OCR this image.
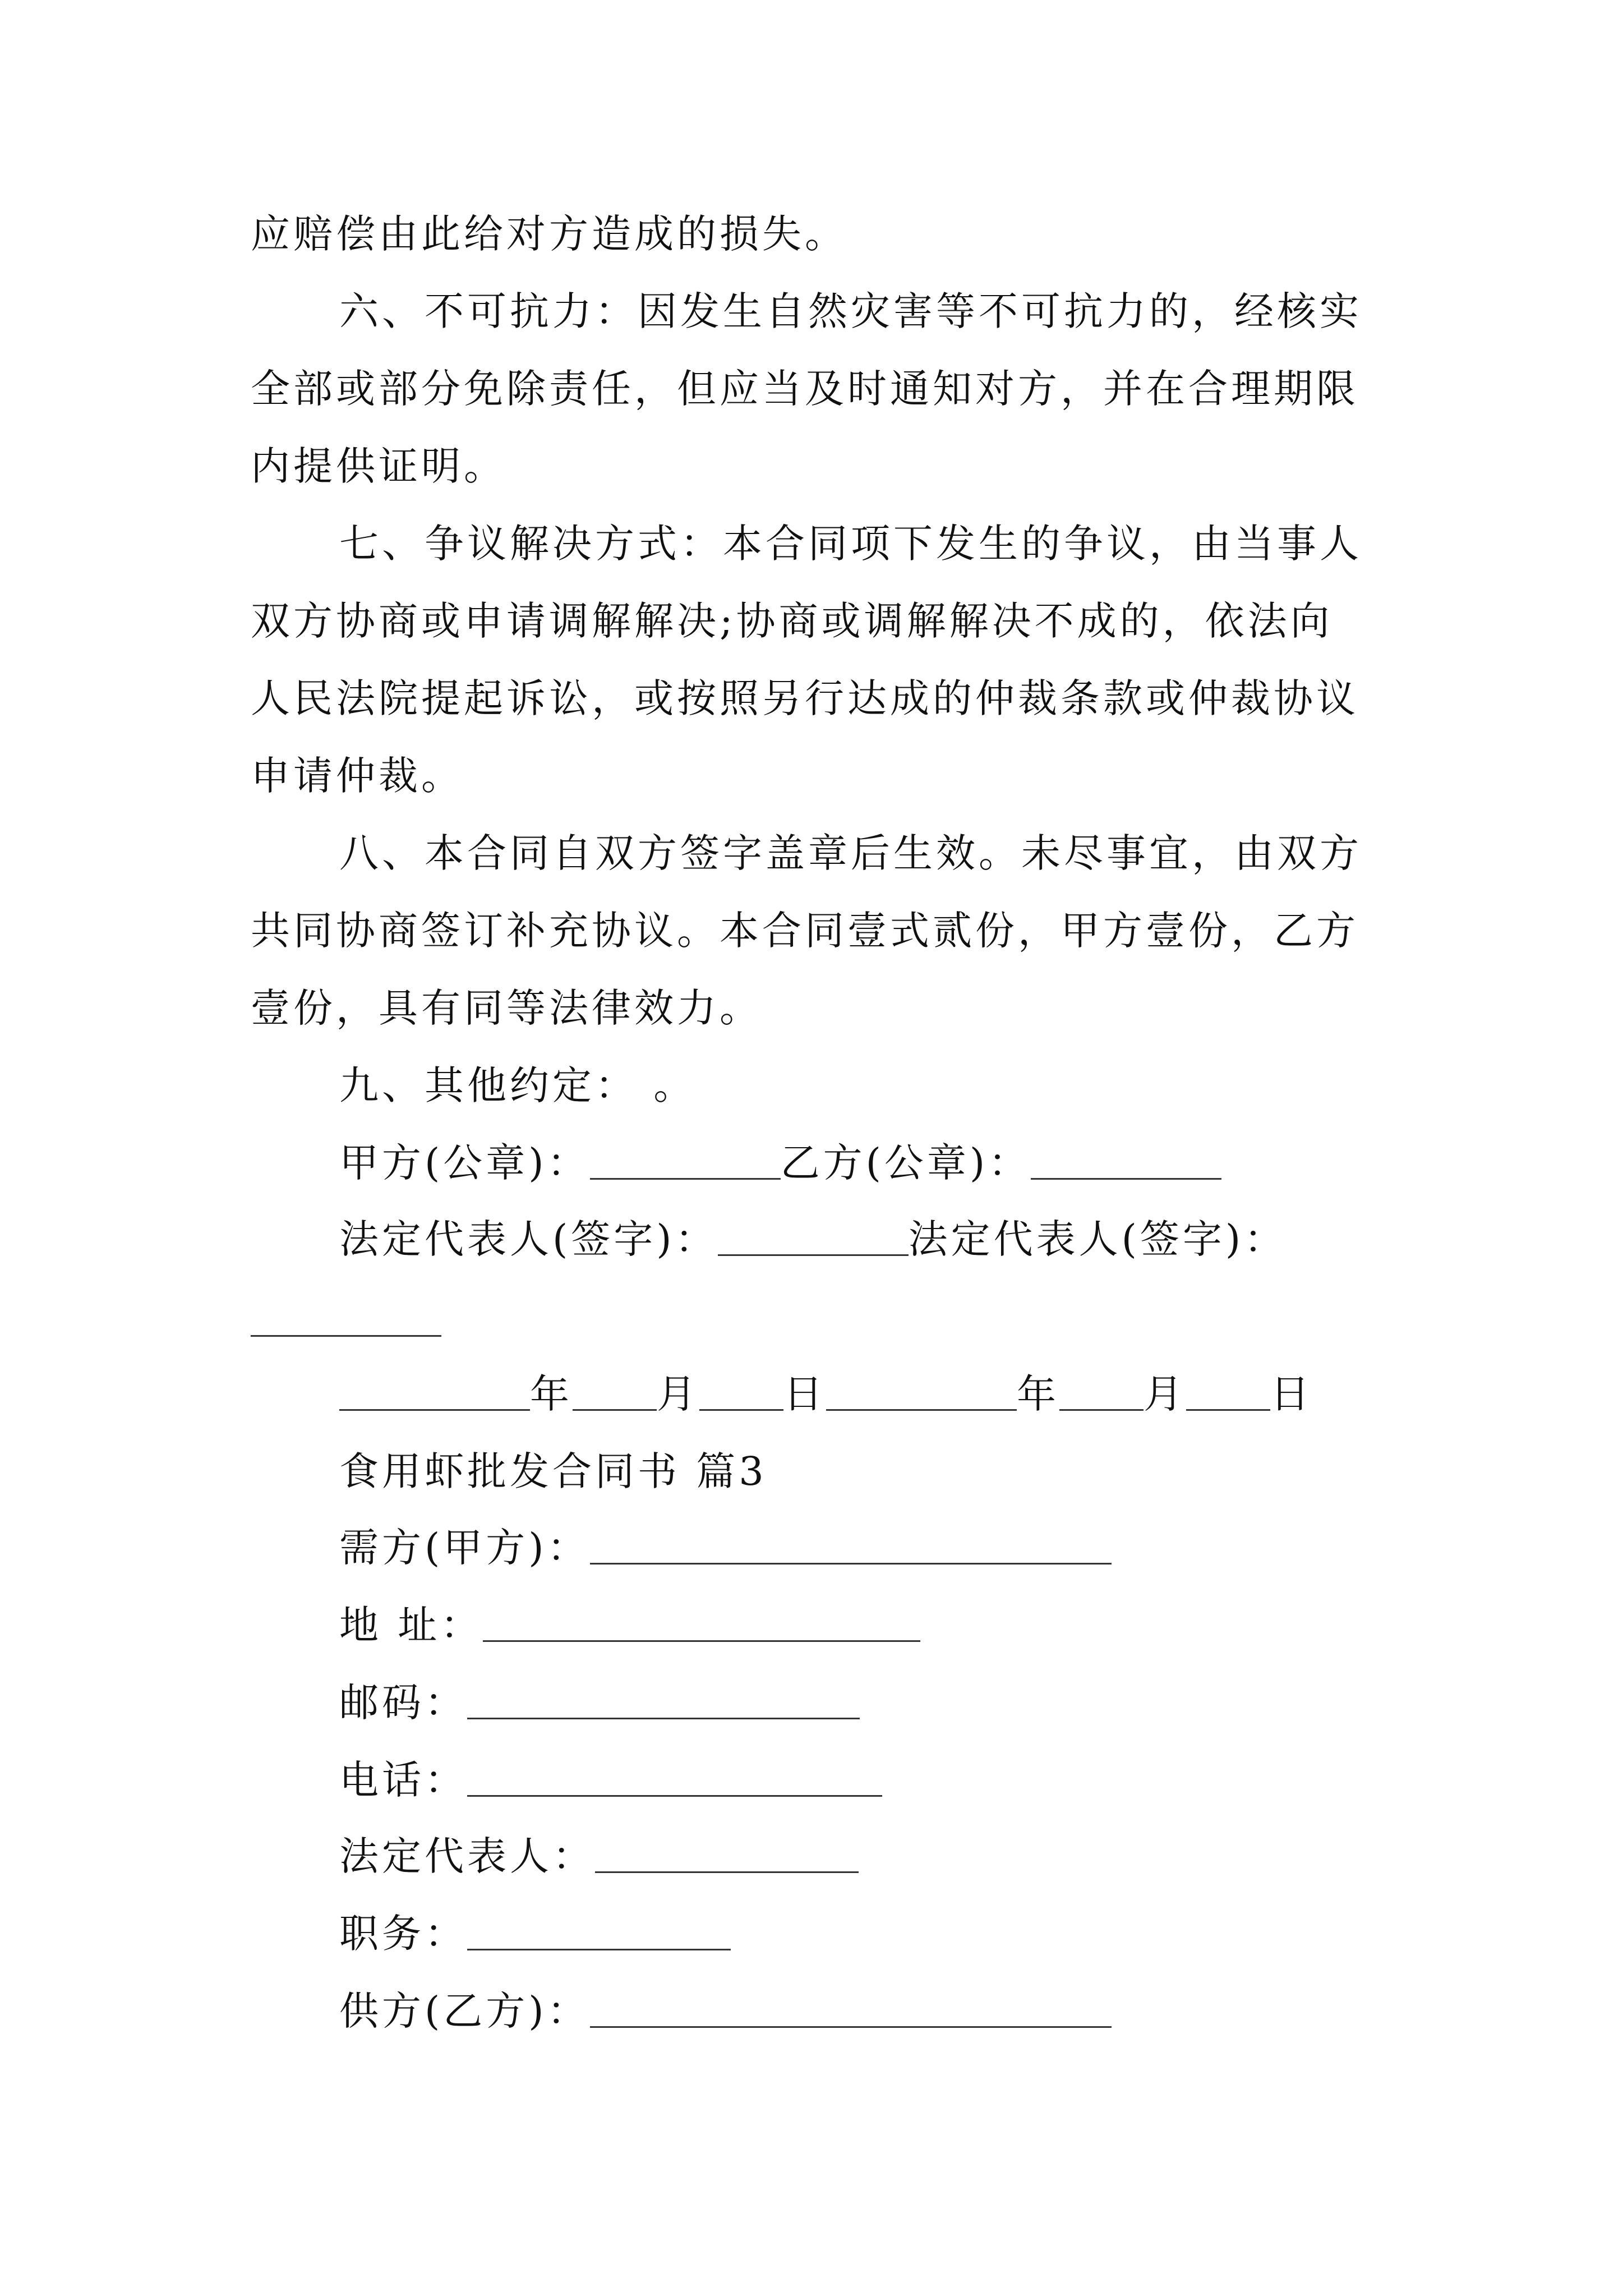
应赔偿由此给对方造成的损失。
六、不可抗力：因发生自然灾害等不可抗力的，经核实
全部或部分免除责任，但应当及时通知对方，并在合理期限
内提供证明。
七、争议解决方式：本合同项下发生的争议，由当事人
双方协商或申请调解解决;协商或调解解决不成的，依法向
人民法院提起诉讼，或按照另行达成的仲裁条款或仲裁协议
申请仲裁。
八、本合同自双方签字盖章后生效。未尽事宜，由双方
共同协商签订补充协议。本合同壹式贰份，甲方壹份，乙方
壹份，具有同等法律效力。
九、其他约定： 。
甲方(公章)：	乙方(公章)：
法定代表人(签字)：	法定代表人(签字)：
年 月 日	年 月 日
食用虾批发合同书 篇3
需方(甲方)：
地 址：
邮码：
电话：
法定代表人：
职务：
供方(乙方)：
